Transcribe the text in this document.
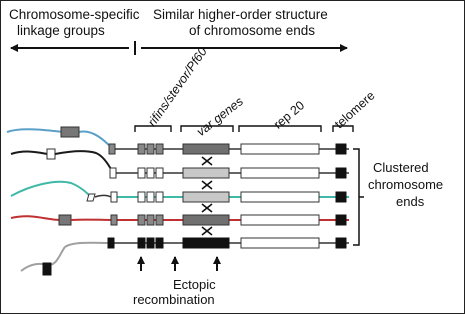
Chromosome-specific
linkage groups
Similar higher-order structure
of chromosome ends
rifins/stevor/Pf60
var genes rep 20 telomere
Clustered
chromosome
ends
Ectopic
recombination
